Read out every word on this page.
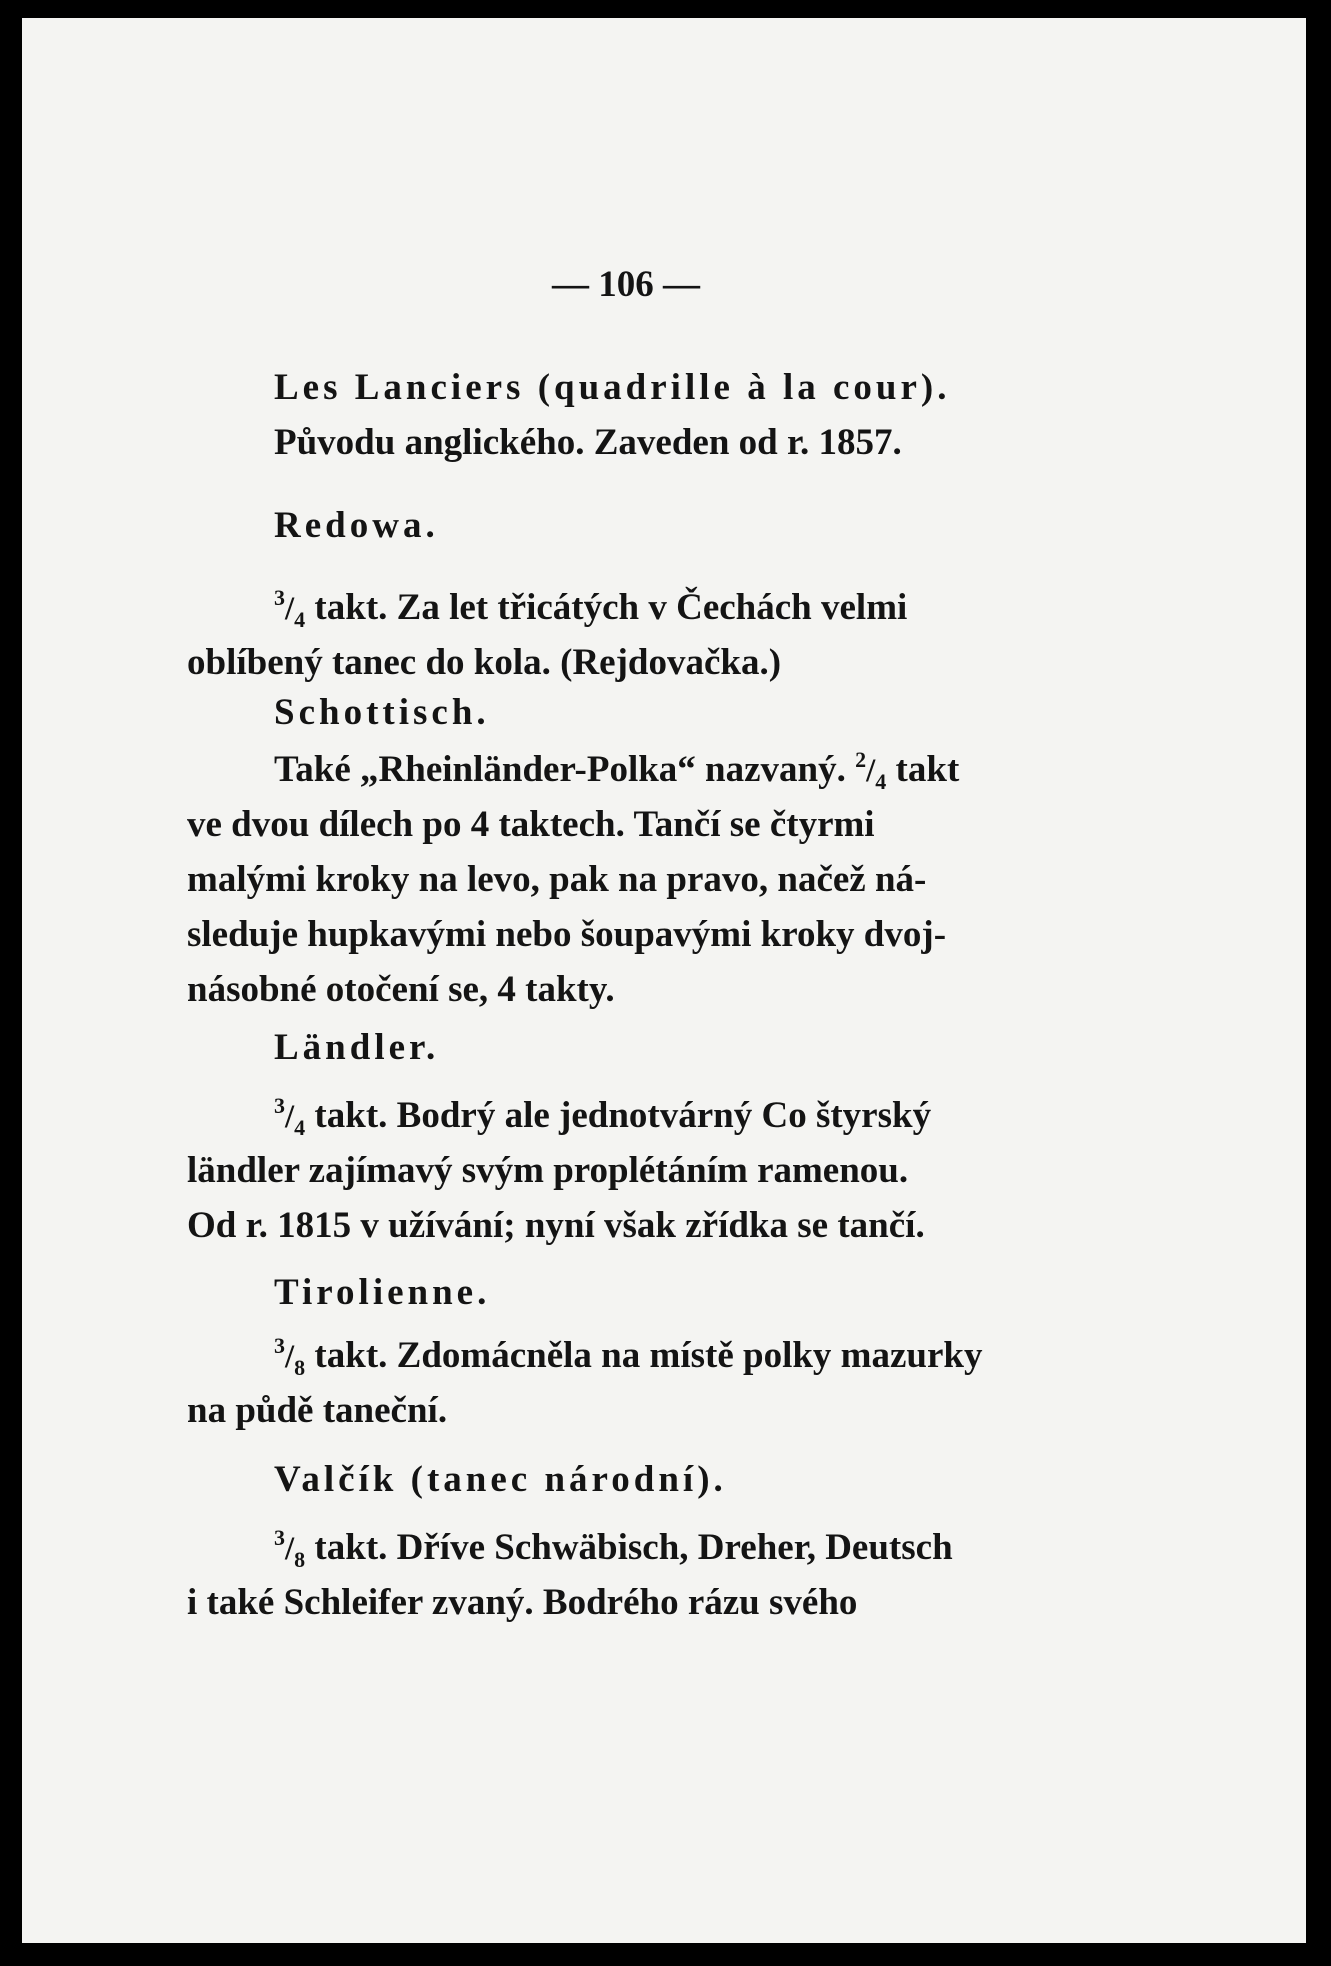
— 106 —

Les Lanciers (quadrille à la cour).

Původu anglického. Zaveden od r. 1857.

Redowa.

$^3/_4$ takt. Za let třicátých v Čechách velmi

oblíbený tanec do kola. (Rejdovačka.)

Schottisch.

Také „Rheinländer-Polka“ nazvaný. $^2/_4$ takt

ve dvou dílech po 4 taktech. Tančí se čtyrmi

malými kroky na levo, pak na pravo, načež ná-

sleduje hupkavými nebo šoupavými kroky dvoj-

násobné otočení se, 4 takty.

Ländler.

$^3/_4$ takt. Bodrý ale jednotvárný Co štyrský

ländler zajímavý svým proplétáním ramenou.

Od r. 1815 v užívání; nyní však zřídka se tančí.

Tirolienne.

$^3/_8$ takt. Zdomácněla na místě polky mazurky

na půdě taneční.

Valčík (tanec národní).

$^3/_8$ takt. Dříve Schwäbisch, Dreher, Deutsch

i také Schleifer zvaný. Bodrého rázu svého
